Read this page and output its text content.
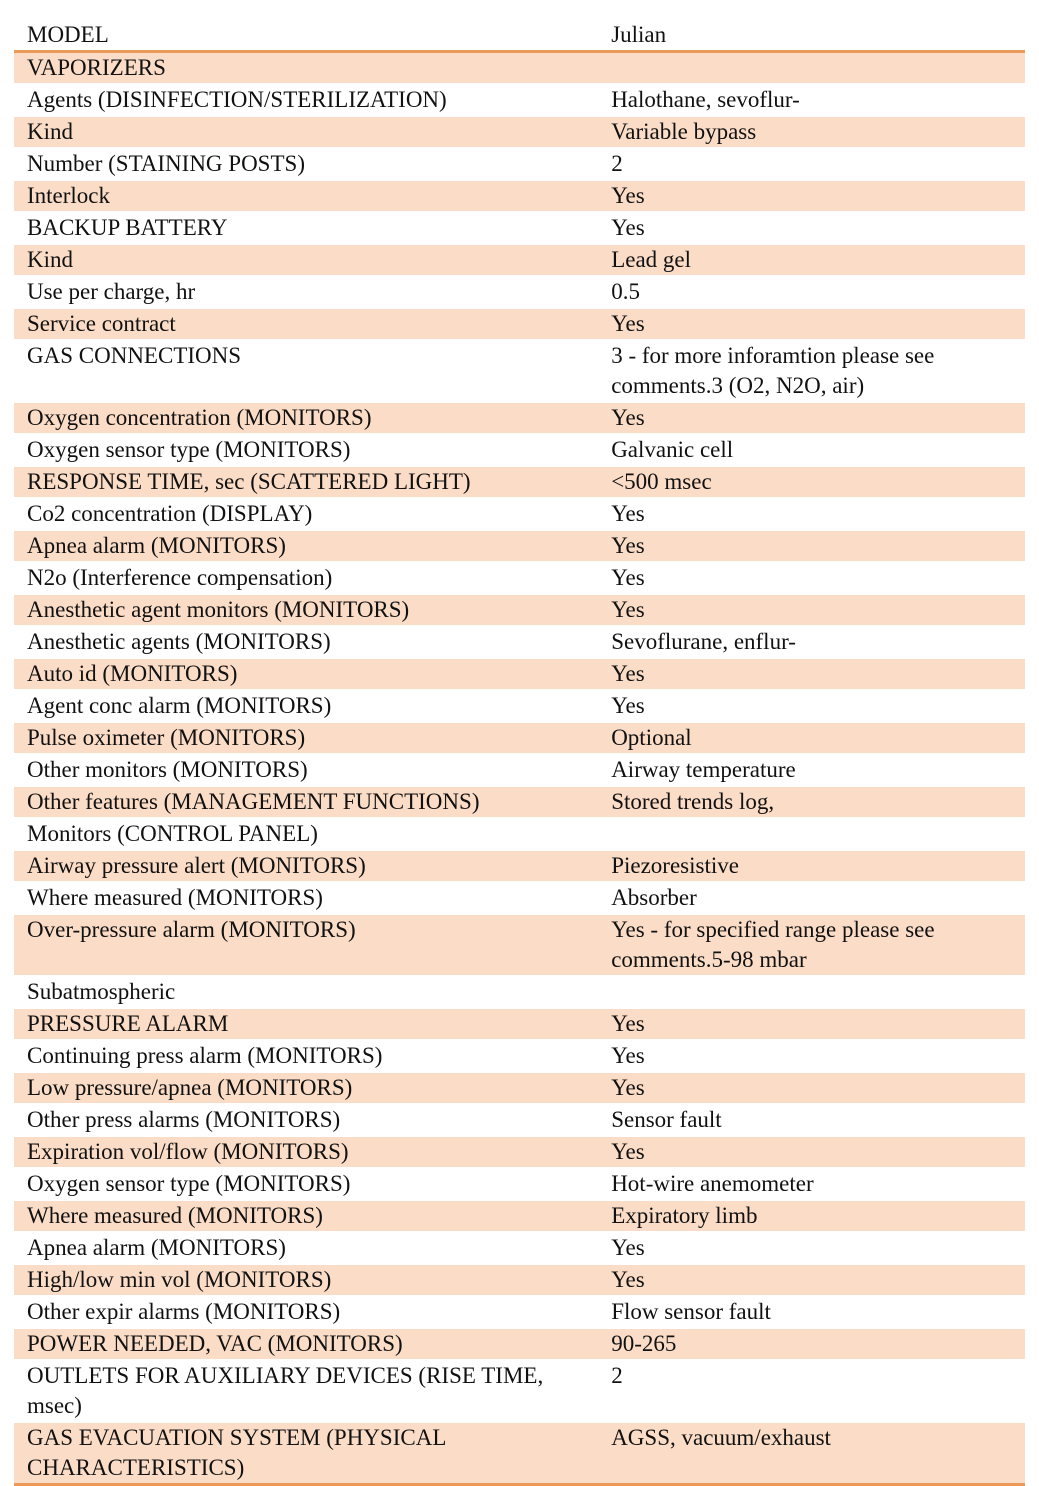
MODEL	Julian
VAPORIZERS	
Agents (DISINFECTION/STERILIZATION)	Halothane, sevoflur-
Kind	Variable bypass
Number (STAINING POSTS)	2
Interlock	Yes
BACKUP BATTERY	Yes
Kind	Lead gel
Use per charge, hr	0.5
Service contract	Yes
GAS CONNECTIONS	3 - for more inforamtion please see comments.3 (O2, N2O, air)
Oxygen concentration (MONITORS)	Yes
Oxygen sensor type (MONITORS)	Galvanic cell
RESPONSE TIME, sec (SCATTERED LIGHT)	<500 msec
Co2 concentration (DISPLAY)	Yes
Apnea alarm (MONITORS)	Yes
N2o (Interference compensation)	Yes
Anesthetic agent monitors (MONITORS)	Yes
Anesthetic agents (MONITORS)	Sevoflurane, enflur-
Auto id (MONITORS)	Yes
Agent conc alarm (MONITORS)	Yes
Pulse oximeter (MONITORS)	Optional
Other monitors (MONITORS)	Airway temperature
Other features (MANAGEMENT FUNCTIONS)	Stored trends log,
Monitors (CONTROL PANEL)	
Airway pressure alert (MONITORS)	Piezoresistive
Where measured (MONITORS)	Absorber
Over-pressure alarm (MONITORS)	Yes - for specified range please see comments.5-98 mbar
Subatmospheric	
PRESSURE ALARM	Yes
Continuing press alarm (MONITORS)	Yes
Low pressure/apnea (MONITORS)	Yes
Other press alarms (MONITORS)	Sensor fault
Expiration vol/flow (MONITORS)	Yes
Oxygen sensor type (MONITORS)	Hot-wire anemometer
Where measured (MONITORS)	Expiratory limb
Apnea alarm (MONITORS)	Yes
High/low min vol (MONITORS)	Yes
Other expir alarms (MONITORS)	Flow sensor fault
POWER NEEDED, VAC (MONITORS)	90-265
OUTLETS FOR AUXILIARY DEVICES (RISE TIME, msec)	2
GAS EVACUATION SYSTEM (PHYSICAL CHARACTERISTICS)	AGSS, vacuum/exhaust
